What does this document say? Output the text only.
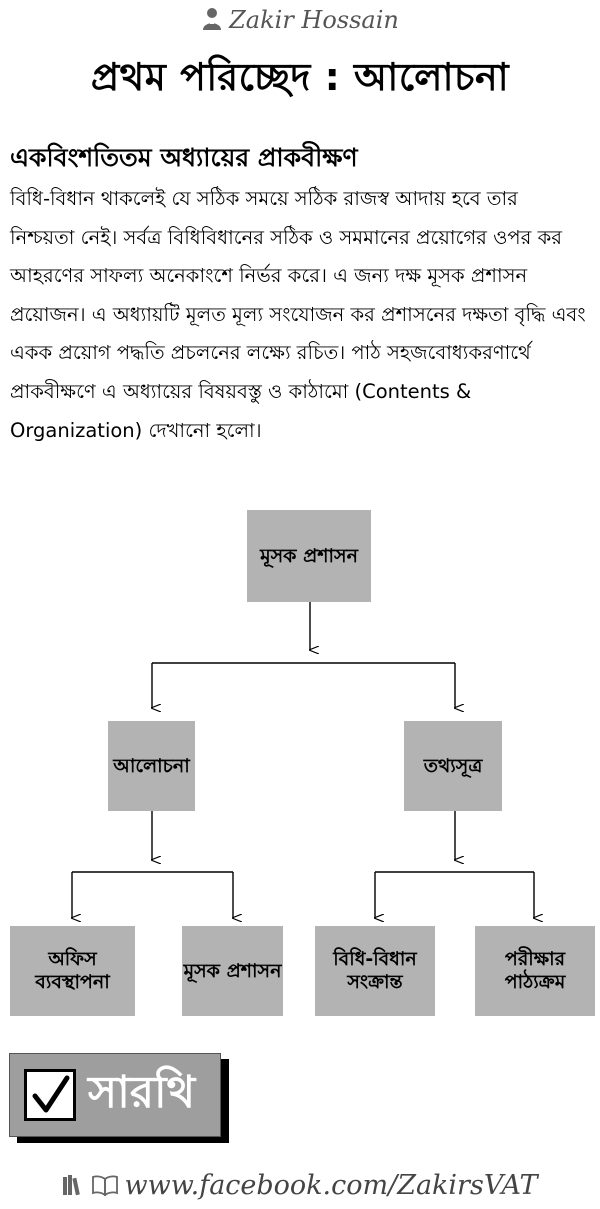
Zakir Hossain
প্রথম পরিচ্ছেদ : আলোচনা
একবিংশতিতম অধ্যায়ের প্রাকবীক্ষণ
বিধি-বিধান থাকলেই যে সঠিক সময়ে সঠিক রাজস্ব আদায় হবে তার নিশ্চয়তা নেই। সর্বত্র বিধিবিধানের সঠিক ও সমমানের প্রয়োগের ওপর কর আহরণের সাফল্য অনেকাংশে নির্ভর করে। এ জন্য দক্ষ মূসক প্রশাসন প্রয়োজন। এ অধ্যায়টি মূলত মূল্য সংযোজন কর প্রশাসনের দক্ষতা বৃদ্ধি এবং একক প্রয়োগ পদ্ধতি প্রচলনের লক্ষ্যে রচিত। পাঠ সহজবোধ্যকরণার্থে প্রাকবীক্ষণে এ অধ্যায়ের বিষয়বস্তু ও কাঠামো (Contents & Organization) দেখানো হলো।
মূসক প্রশাসন
আলোচনা	তথ্যসূত্র
অফিস ব্যবস্থাপনা
মূসক প্রশাসন
বিধি-বিধান সংক্রান্ত
পরীক্ষার পাঠ্যক্রম
সারথি
www.facebook.com/ZakirsVAT
